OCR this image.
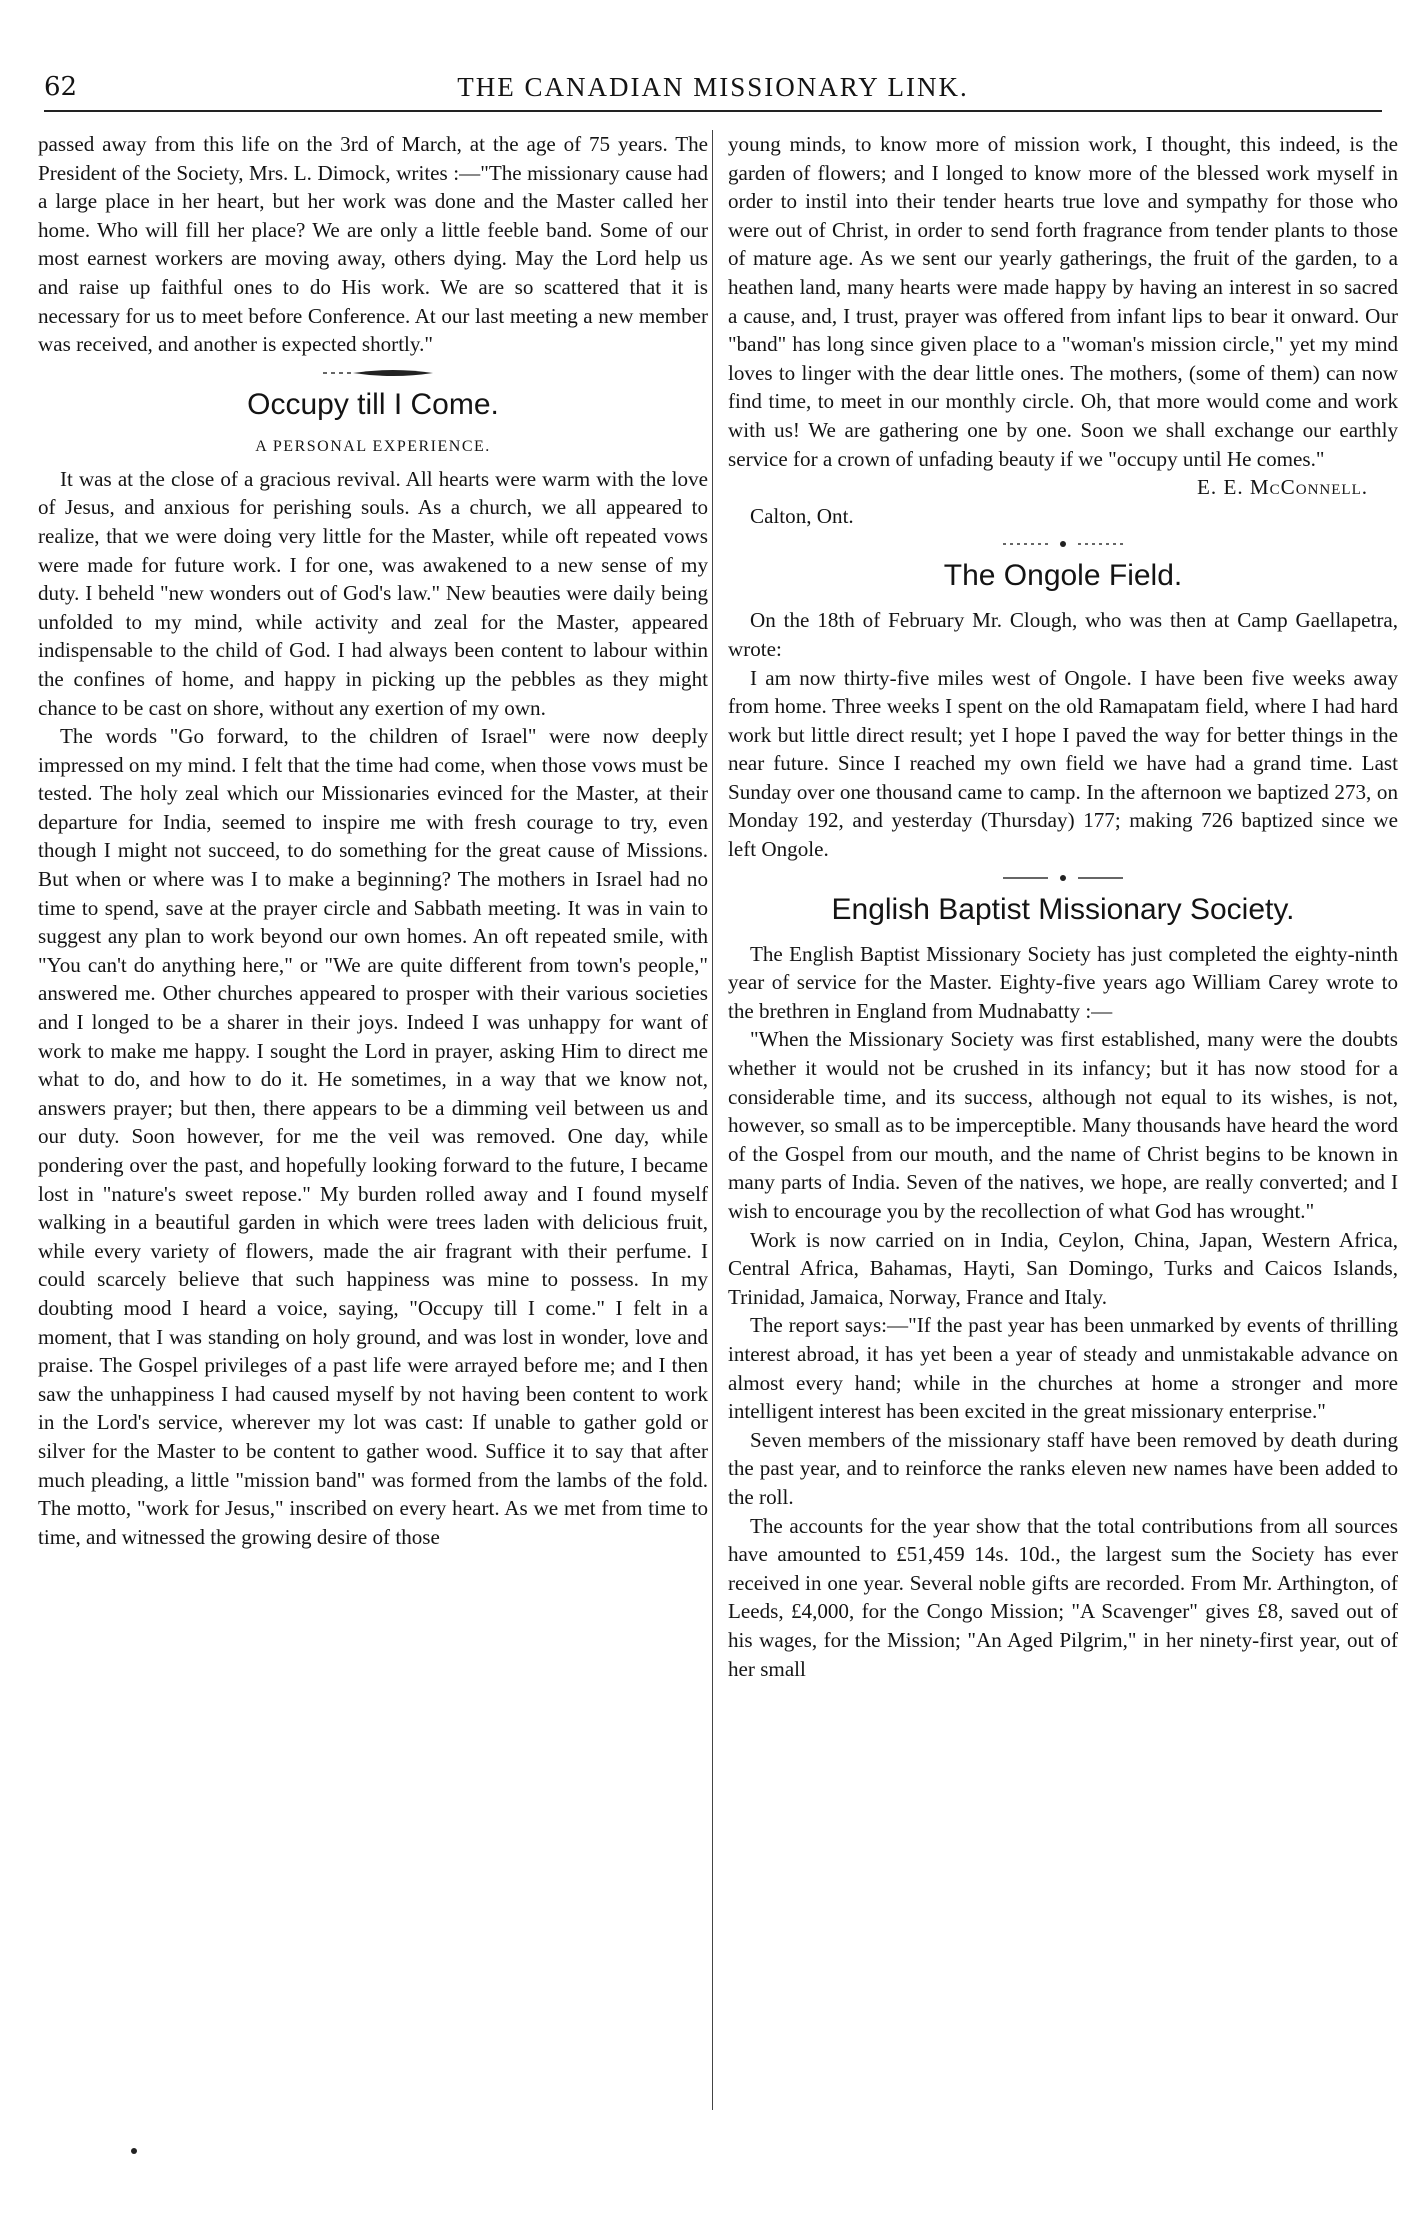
62	THE CANADIAN MISSIONARY LINK.

passed away from this life on the 3rd of March, at the age of 75 years. The President of the Society, Mrs. L. Dimock, writes :—"The missionary cause had a large place in her heart, but her work was done and the Master called her home. Who will fill her place? We are only a little feeble band. Some of our most earnest workers are moving away, others dying. May the Lord help us and raise up faithful ones to do His work. We are so scattered that it is necessary for us to meet before Conference. At our last meeting a new member was received, and another is expected shortly."

Occupy till I Come.
A PERSONAL EXPERIENCE.

It was at the close of a gracious revival. All hearts were warm with the love of Jesus, and anxious for perishing souls. As a church, we all appeared to realize, that we were doing very little for the Master, while oft repeated vows were made for future work. I for one, was awakened to a new sense of my duty. I beheld "new wonders out of God's law." New beauties were daily being unfolded to my mind, while activity and zeal for the Master, appeared indispensable to the child of God. I had always been content to labour within the confines of home, and happy in picking up the pebbles as they might chance to be cast on shore, without any exertion of my own.

The words "Go forward, to the children of Israel" were now deeply impressed on my mind. I felt that the time had come, when those vows must be tested. The holy zeal which our Missionaries evinced for the Master, at their departure for India, seemed to inspire me with fresh courage to try, even though I might not succeed, to do something for the great cause of Missions. But when or where was I to make a beginning? The mothers in Israel had no time to spend, save at the prayer circle and Sabbath meeting. It was in vain to suggest any plan to work beyond our own homes. An oft repeated smile, with "You can't do anything here," or "We are quite different from town's people," answered me. Other churches appeared to prosper with their various societies and I longed to be a sharer in their joys. Indeed I was unhappy for want of work to make me happy. I sought the Lord in prayer, asking Him to direct me what to do, and how to do it. He sometimes, in a way that we know not, answers prayer; but then, there appears to be a dimming veil between us and our duty. Soon however, for me the veil was removed. One day, while pondering over the past, and hopefully looking forward to the future, I became lost in "nature's sweet repose." My burden rolled away and I found myself walking in a beautiful garden in which were trees laden with delicious fruit, while every variety of flowers, made the air fragrant with their perfume. I could scarcely believe that such happiness was mine to possess. In my doubting mood I heard a voice, saying, "Occupy till I come." I felt in a moment, that I was standing on holy ground, and was lost in wonder, love and praise. The Gospel privileges of a past life were arrayed before me; and I then saw the unhappiness I had caused myself by not having been content to work in the Lord's service, wherever my lot was cast: If unable to gather gold or silver for the Master to be content to gather wood. Suffice it to say that after much pleading, a little "mission band" was formed from the lambs of the fold. The motto, "work for Jesus," inscribed on every heart. As we met from time to time, and witnessed the growing desire of those

young minds, to know more of mission work, I thought, this indeed, is the garden of flowers; and I longed to know more of the blessed work myself in order to instil into their tender hearts true love and sympathy for those who were out of Christ, in order to send forth fragrance from tender plants to those of mature age. As we sent our yearly gatherings, the fruit of the garden, to a heathen land, many hearts were made happy by having an interest in so sacred a cause, and, I trust, prayer was offered from infant lips to bear it onward. Our "band" has long since given place to a "woman's mission circle," yet my mind loves to linger with the dear little ones. The mothers, (some of them) can now find time, to meet in our monthly circle. Oh, that more would come and work with us! We are gathering one by one. Soon we shall exchange our earthly service for a crown of unfading beauty if we "occupy until He comes."

E. E. McConnell.

Calton, Ont.

The Ongole Field.

On the 18th of February Mr. Clough, who was then at Camp Gaellapetra, wrote:

I am now thirty-five miles west of Ongole. I have been five weeks away from home. Three weeks I spent on the old Ramapatam field, where I had hard work but little direct result; yet I hope I paved the way for better things in the near future. Since I reached my own field we have had a grand time. Last Sunday over one thousand came to camp. In the afternoon we baptized 273, on Monday 192, and yesterday (Thursday) 177; making 726 baptized since we left Ongole.

English Baptist Missionary Society.

The English Baptist Missionary Society has just completed the eighty-ninth year of service for the Master. Eighty-five years ago William Carey wrote to the brethren in England from Mudnabatty :—

"When the Missionary Society was first established, many were the doubts whether it would not be crushed in its infancy; but it has now stood for a considerable time, and its success, although not equal to its wishes, is not, however, so small as to be imperceptible. Many thousands have heard the word of the Gospel from our mouth, and the name of Christ begins to be known in many parts of India. Seven of the natives, we hope, are really converted; and I wish to encourage you by the recollection of what God has wrought."

Work is now carried on in India, Ceylon, China, Japan, Western Africa, Central Africa, Bahamas, Hayti, San Domingo, Turks and Caicos Islands, Trinidad, Jamaica, Norway, France and Italy.

The report says:—"If the past year has been unmarked by events of thrilling interest abroad, it has yet been a year of steady and unmistakable advance on almost every hand; while in the churches at home a stronger and more intelligent interest has been excited in the great missionary enterprise."

Seven members of the missionary staff have been removed by death during the past year, and to reinforce the ranks eleven new names have been added to the roll.

The accounts for the year show that the total contributions from all sources have amounted to £51,459 14s. 10d., the largest sum the Society has ever received in one year. Several noble gifts are recorded. From Mr. Arthington, of Leeds, £4,000, for the Congo Mission; "A Scavenger" gives £8, saved out of his wages, for the Mission; "An Aged Pilgrim," in her ninety-first year, out of her small
